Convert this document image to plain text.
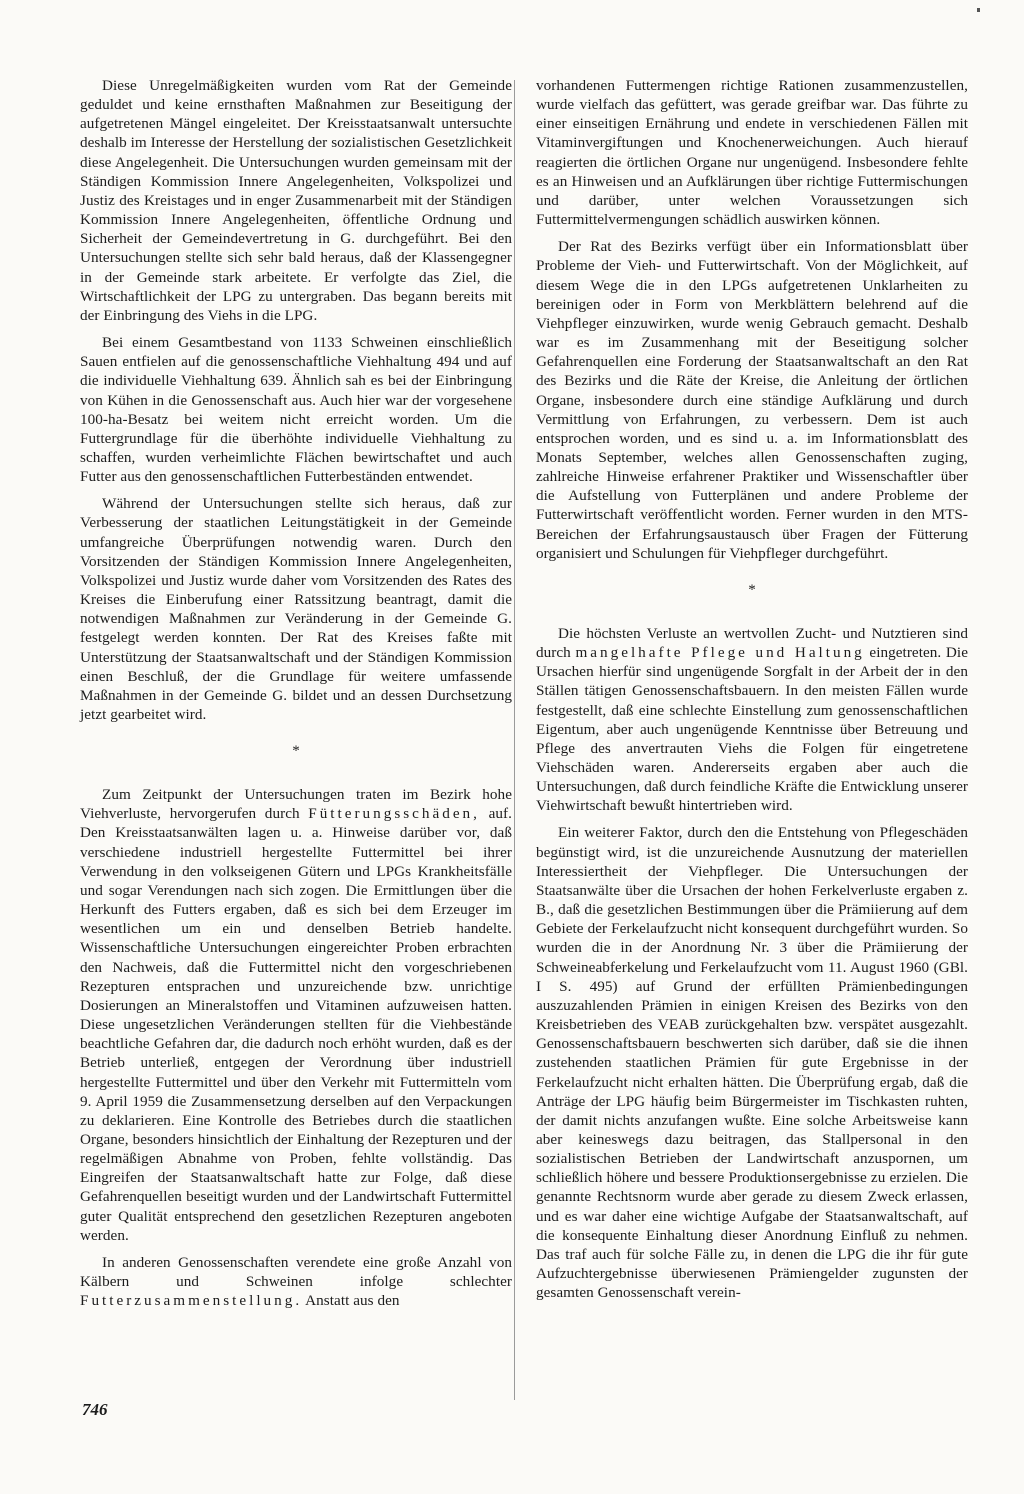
Diese Unregelmäßigkeiten wurden vom Rat der Gemeinde geduldet und keine ernsthaften Maßnahmen zur Beseitigung der aufgetretenen Mängel eingeleitet. Der Kreisstaatsanwalt untersuchte deshalb im Interesse der Herstellung der sozialistischen Gesetzlichkeit diese Angelegenheit. Die Untersuchungen wurden gemeinsam mit der Ständigen Kommission Innere Angelegenheiten, Volkspolizei und Justiz des Kreistages und in enger Zusammenarbeit mit der Ständigen Kommission Innere Angelegenheiten, öffentliche Ordnung und Sicherheit der Gemeindevertretung in G. durchgeführt. Bei den Untersuchungen stellte sich sehr bald heraus, daß der Klassengegner in der Gemeinde stark arbeitete. Er verfolgte das Ziel, die Wirtschaftlichkeit der LPG zu untergraben. Das begann bereits mit der Einbringung des Viehs in die LPG.

Bei einem Gesamtbestand von 1133 Schweinen einschließlich Sauen entfielen auf die genossenschaftliche Viehhaltung 494 und auf die individuelle Viehhaltung 639. Ähnlich sah es bei der Einbringung von Kühen in die Genossenschaft aus. Auch hier war der vorgesehene 100-ha-Besatz bei weitem nicht erreicht worden. Um die Futtergrundlage für die überhöhte individuelle Viehhaltung zu schaffen, wurden verheimlichte Flächen bewirtschaftet und auch Futter aus den genossenschaftlichen Futterbeständen entwendet.

Während der Untersuchungen stellte sich heraus, daß zur Verbesserung der staatlichen Leitungstätigkeit in der Gemeinde umfangreiche Überprüfungen notwendig waren. Durch den Vorsitzenden der Ständigen Kommission Innere Angelegenheiten, Volkspolizei und Justiz wurde daher vom Vorsitzenden des Rates des Kreises die Einberufung einer Ratssitzung beantragt, damit die notwendigen Maßnahmen zur Veränderung in der Gemeinde G. festgelegt werden konnten. Der Rat des Kreises faßte mit Unterstützung der Staatsanwaltschaft und der Ständigen Kommission einen Beschluß, der die Grundlage für weitere umfassende Maßnahmen in der Gemeinde G. bildet und an dessen Durchsetzung jetzt gearbeitet wird.

*

Zum Zeitpunkt der Untersuchungen traten im Bezirk hohe Viehverluste, hervorgerufen durch Fütterungsschäden, auf. Den Kreisstaatsanwälten lagen u. a. Hinweise darüber vor, daß verschiedene industriell hergestellte Futtermittel bei ihrer Verwendung in den volkseigenen Gütern und LPGs Krankheitsfälle und sogar Verendungen nach sich zogen. Die Ermittlungen über die Herkunft des Futters ergaben, daß es sich bei dem Erzeuger im wesentlichen um ein und denselben Betrieb handelte. Wissenschaftliche Untersuchungen eingereichter Proben erbrachten den Nachweis, daß die Futtermittel nicht den vorgeschriebenen Rezepturen entsprachen und unzureichende bzw. unrichtige Dosierungen an Mineralstoffen und Vitaminen aufzuweisen hatten. Diese ungesetzlichen Veränderungen stellten für die Viehbestände beachtliche Gefahren dar, die dadurch noch erhöht wurden, daß es der Betrieb unterließ, entgegen der Verordnung über industriell hergestellte Futtermittel und über den Verkehr mit Futtermitteln vom 9. April 1959 die Zusammensetzung derselben auf den Verpackungen zu deklarieren. Eine Kontrolle des Betriebes durch die staatlichen Organe, besonders hinsichtlich der Einhaltung der Rezepturen und der regelmäßigen Abnahme von Proben, fehlte vollständig. Das Eingreifen der Staatsanwaltschaft hatte zur Folge, daß diese Gefahrenquellen beseitigt wurden und der Landwirtschaft Futtermittel guter Qualität entsprechend den gesetzlichen Rezepturen angeboten werden.

In anderen Genossenschaften verendete eine große Anzahl von Kälbern und Schweinen infolge schlechter Futterzusammenstellung. Anstatt aus den

vorhandenen Futtermengen richtige Rationen zusammenzustellen, wurde vielfach das gefüttert, was gerade greifbar war. Das führte zu einer einseitigen Ernährung und endete in verschiedenen Fällen mit Vitaminvergiftungen und Knochenerweichungen. Auch hierauf reagierten die örtlichen Organe nur ungenügend. Insbesondere fehlte es an Hinweisen und an Aufklärungen über richtige Futtermischungen und darüber, unter welchen Voraussetzungen sich Futtermittelvermengungen schädlich auswirken können.

Der Rat des Bezirks verfügt über ein Informationsblatt über Probleme der Vieh- und Futterwirtschaft. Von der Möglichkeit, auf diesem Wege die in den LPGs aufgetretenen Unklarheiten zu bereinigen oder in Form von Merkblättern belehrend auf die Viehpfleger einzuwirken, wurde wenig Gebrauch gemacht. Deshalb war es im Zusammenhang mit der Beseitigung solcher Gefahrenquellen eine Forderung der Staatsanwaltschaft an den Rat des Bezirks und die Räte der Kreise, die Anleitung der örtlichen Organe, insbesondere durch eine ständige Aufklärung und durch Vermittlung von Erfahrungen, zu verbessern. Dem ist auch entsprochen worden, und es sind u. a. im Informationsblatt des Monats September, welches allen Genossenschaften zuging, zahlreiche Hinweise erfahrener Praktiker und Wissenschaftler über die Aufstellung von Futterplänen und andere Probleme der Futterwirtschaft veröffentlicht worden. Ferner wurden in den MTS-Bereichen der Erfahrungsaustausch über Fragen der Fütterung organisiert und Schulungen für Viehpfleger durchgeführt.

*

Die höchsten Verluste an wertvollen Zucht- und Nutztieren sind durch mangelhafte Pflege und Haltung eingetreten. Die Ursachen hierfür sind ungenügende Sorgfalt in der Arbeit der in den Ställen tätigen Genossenschaftsbauern. In den meisten Fällen wurde festgestellt, daß eine schlechte Einstellung zum genossenschaftlichen Eigentum, aber auch ungenügende Kenntnisse über Betreuung und Pflege des anvertrauten Viehs die Folgen für eingetretene Viehschäden waren. Andererseits ergaben aber auch die Untersuchungen, daß durch feindliche Kräfte die Entwicklung unserer Viehwirtschaft bewußt hintertrieben wird.

Ein weiterer Faktor, durch den die Entstehung von Pflegeschäden begünstigt wird, ist die unzureichende Ausnutzung der materiellen Interessiertheit der Viehpfleger. Die Untersuchungen der Staatsanwälte über die Ursachen der hohen Ferkelverluste ergaben z. B., daß die gesetzlichen Bestimmungen über die Prämiierung auf dem Gebiete der Ferkelaufzucht nicht konsequent durchgeführt wurden. So wurden die in der Anordnung Nr. 3 über die Prämiierung der Schweineabferkelung und Ferkelaufzucht vom 11. August 1960 (GBl. I S. 495) auf Grund der erfüllten Prämienbedingungen auszuzahlenden Prämien in einigen Kreisen des Bezirks von den Kreisbetrieben des VEAB zurückgehalten bzw. verspätet ausgezahlt. Genossenschaftsbauern beschwerten sich darüber, daß sie die ihnen zustehenden staatlichen Prämien für gute Ergebnisse in der Ferkelaufzucht nicht erhalten hätten. Die Überprüfung ergab, daß die Anträge der LPG häufig beim Bürgermeister im Tischkasten ruhten, der damit nichts anzufangen wußte. Eine solche Arbeitsweise kann aber keineswegs dazu beitragen, das Stallpersonal in den sozialistischen Betrieben der Landwirtschaft anzuspornen, um schließlich höhere und bessere Produktionsergebnisse zu erzielen. Die genannte Rechtsnorm wurde aber gerade zu diesem Zweck erlassen, und es war daher eine wichtige Aufgabe der Staatsanwaltschaft, auf die konsequente Einhaltung dieser Anordnung Einfluß zu nehmen. Das traf auch für solche Fälle zu, in denen die LPG die ihr für gute Aufzuchtergebnisse überwiesenen Prämiengelder zugunsten der gesamten Genossenschaft verein-

746
